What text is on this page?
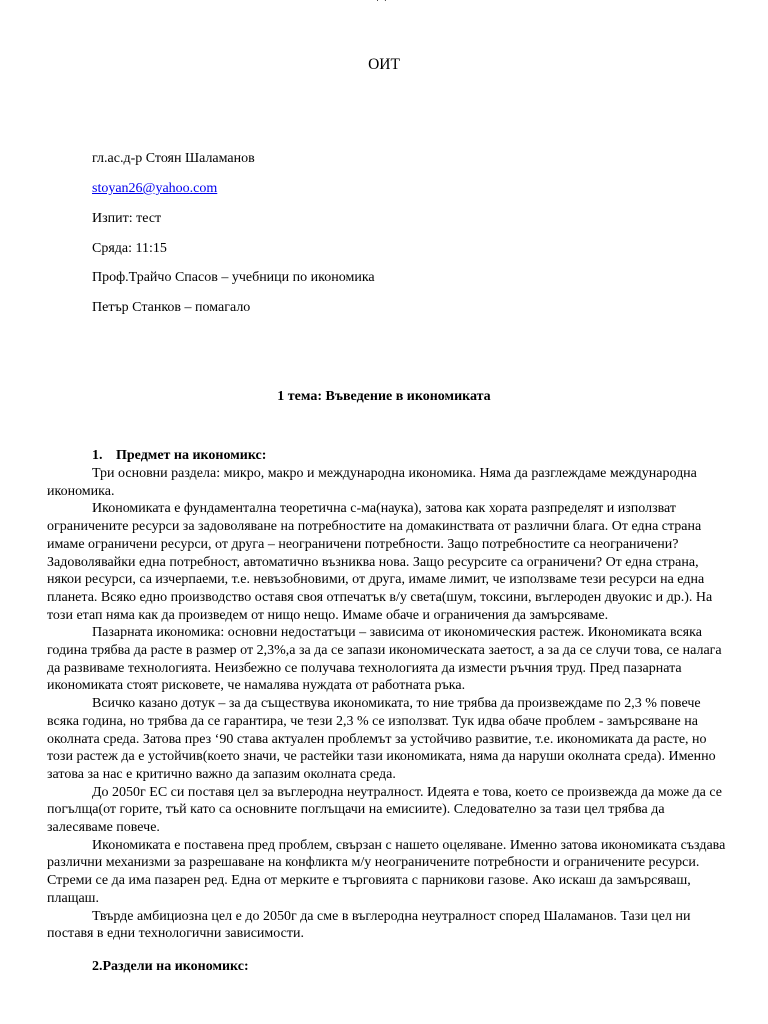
ОИТ
гл.ас.д-р Стоян Шаламанов
stoyan26@yahoo.com
Изпит: тест
Сряда: 11:15
Проф.Трайчо Спасов – учебници по икономика
Петър Станков – помагало
1 тема: Въведение в икономиката
1. Предмет на икономикс:

Три основни раздела: микро, макро и международна икономика. Няма да разглеждаме международна икономика.

Икономиката е фундаментална теоретична с-ма(наука), затова как хората разпределят и използват ограничените ресурси за задоволяване на потребностите на домакинствата от различни блага. От една страна имаме ограничени ресурси, от друга – неограничени потребности. Защо потребностите са неограничени? Задоволявайки една потребност, автоматично възниква нова. Защо ресурсите са ограничени? От една страна, някои ресурси, са изчерпаеми, т.е. невъзобновими, от друга, имаме лимит, че използваме тези ресурси на една планета. Всяко едно производство оставя своя отпечатък в/у света(шум, токсини, въглероден двуокис и др.). На този етап няма как да произведем от нищо нещо. Имаме обаче и ограничения да замърсяваме.

Пазарната икономика: основни недостатъци – зависима от икономическия растеж. Икономиката всяка година трябва да расте в размер от 2,3%,а за да се запази икономическата заетост, а за да се случи това, се налага да развиваме технологията. Неизбежно се получава технологията да измести ръчния труд. Пред пазарната икономиката стоят рисковете, че намалява нуждата от работната ръка.

Всичко казано дотук – за да съществува икономиката, то ние трябва да произвеждаме по 2,3 % повече всяка година, но трябва да се гарантира, че тези 2,3 % се използват. Тук идва обаче проблем - замърсяване на околната среда. Затова през ‘90 става актуален проблемът за устойчиво развитие, т.е. икономиката да расте, но този растеж да е устойчив(което значи, че растейки тази икономиката, няма да наруши околната среда). Именно затова за нас е критично важно да запазим околната среда.

До 2050г ЕС си поставя цел за въглеродна неутралност. Идеята е това, което се произвежда да може да се погълща(от горите, тъй като са основните поглъщачи на емисиите). Следователно за тази цел трябва да залесяваме повече.

Икономиката е поставена пред проблем, свързан с нашето оцеляване. Именно затова икономиката създава различни механизми за разрешаване на конфликта м/у неограничените потребности и ограничените ресурси. Стреми се да има пазарен ред. Една от мерките е търговията с парникови газове. Ако искаш да замърсяваш, плащаш.

Твърде амбициозна цел е до 2050г да сме в въглеродна неутралност според Шаламанов. Тази цел ни поставя в едни технологични зависимости.

2.Раздели на икономикс:
